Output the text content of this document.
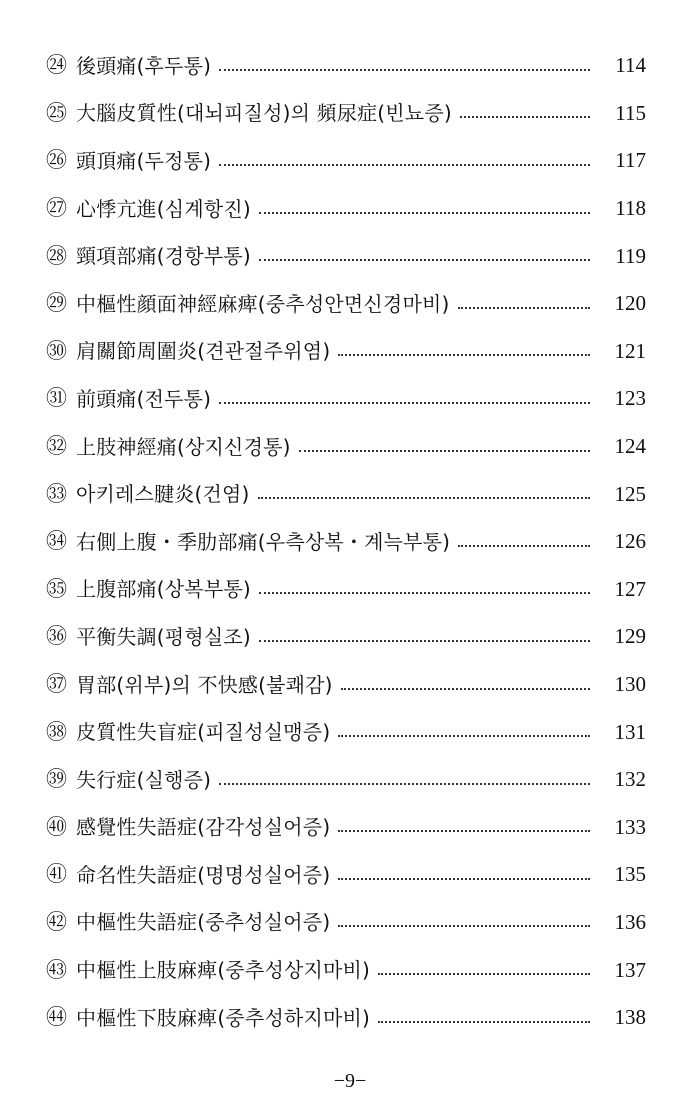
㉔ 後頭痛(후두통)	114
㉕ 大腦皮質性(대뇌피질성)의 頻尿症(빈뇨증)	115
㉖ 頭頂痛(두정통)	117
㉗ 心悸亢進(심계항진)	118
㉘ 頸項部痛(경항부통)	119
㉙ 中樞性顔面神經麻痺(중추성안면신경마비)	120
㉚ 肩關節周圍炎(견관절주위염)	121
㉛ 前頭痛(전두통)	123
㉜ 上肢神經痛(상지신경통)	124
㉝ 아키레스腱炎(건염)	125
㉞ 右側上腹・季肋部痛(우측상복・계늑부통)	126
㉟ 上腹部痛(상복부통)	127
㊱ 平衡失調(평형실조)	129
㊲ 胃部(위부)의 不快感(불쾌감)	130
㊳ 皮質性失盲症(피질성실맹증)	131
㊴ 失行症(실행증)	132
㊵ 感覺性失語症(감각성실어증)	133
㊶ 命名性失語症(명명성실어증)	135
㊷ 中樞性失語症(중추성실어증)	136
㊸ 中樞性上肢麻痺(중추성상지마비)	137
㊹ 中樞性下肢麻痺(중추성하지마비)	138
−9−
